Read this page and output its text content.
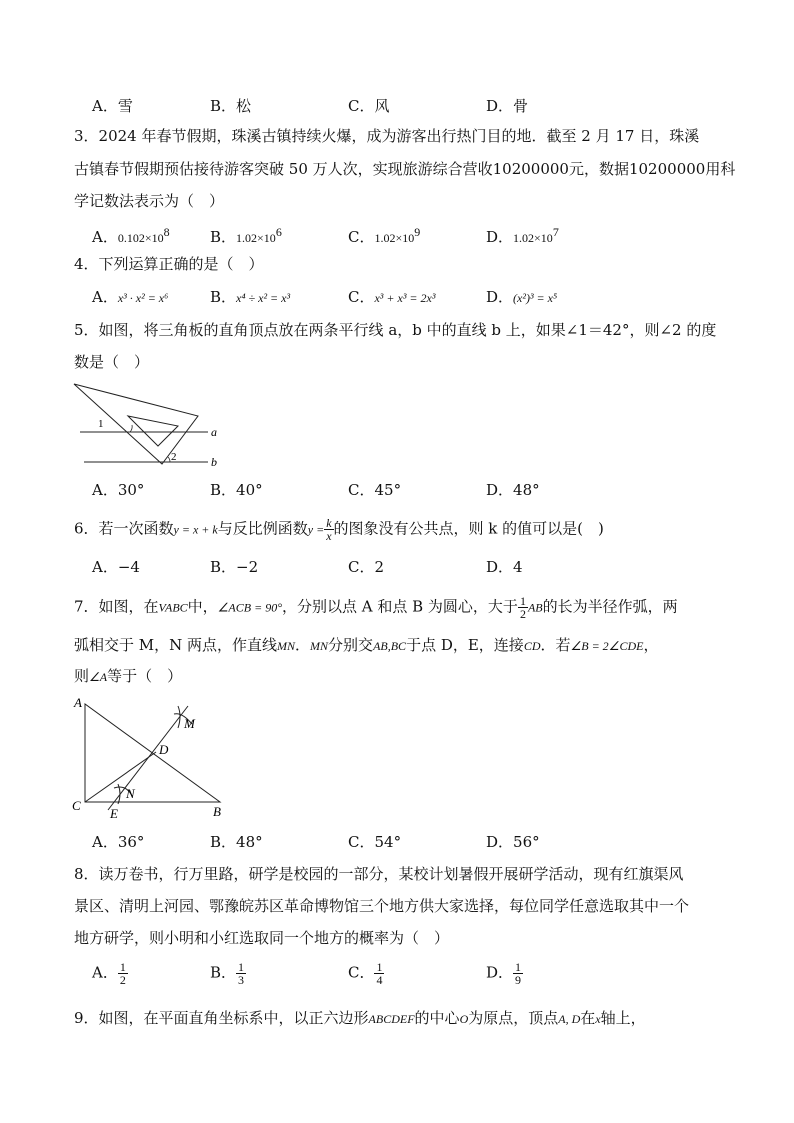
A．雪	B．松	C．风	D．骨
3．2024 年春节假期，珠溪古镇持续火爆，成为游客出行热门目的地．截至 2 月 17 日，珠溪
古镇春节假期预估接待游客突破 50 万人次，实现旅游综合营收10200000元，数据10200000用科
学记数法表示为（　）
A．$0.102\times 10^8$	B．$1.02\times 10^6$	C．$1.02\times 10^9$	D．$1.02\times 10^7$
4．下列运算正确的是（　）
A．x³ · x² = x⁶	B．x⁴ ÷ x² = x³	C．x³ + x³ = 2x³	D．(x²)³ = x⁵
5．如图，将三角板的直角顶点放在两条平行线 a，b 中的直线 b 上，如果∠1＝42°，则∠2 的度
数是（　）
1
2
a
b
A．30°	B．40°	C．45°	D．48°
6．若一次函数y = x + k与反比例函数$y = \frac{k}{x}$ 的图象没有公共点，则 k 的值可以是(　)
A．−4	B．−2	C．2	D．4
7．如图，在VABC中，∠ACB = 90°，分别以点 A 和点 B 为圆心，大于 $\frac{1}{2}$ AB的长为半径作弧，两
弧相交于 M，N 两点，作直线MN．MN分别交AB,BC于点 D，E，连接CD．若∠B = 2∠CDE，
则∠A等于（　）
A
C	B
D
E
M
N
A．36°	B．48°	C．54°	D．56°
8．读万卷书，行万里路，研学是校园的一部分，某校计划暑假开展研学活动，现有红旗渠风
景区、清明上河园、鄂豫皖苏区革命博物馆三个地方供大家选择，每位同学任意选取其中一个
地方研学，则小明和小红选取同一个地方的概率为（　）
A． $\frac{1}{2}$	B． $\frac{1}{3}$	C． $\frac{1}{4}$	D． $\frac{1}{9}$
9．如图，在平面直角坐标系中，以正六边形ABCDEF的中心O为原点，顶点A, D在x轴上，
